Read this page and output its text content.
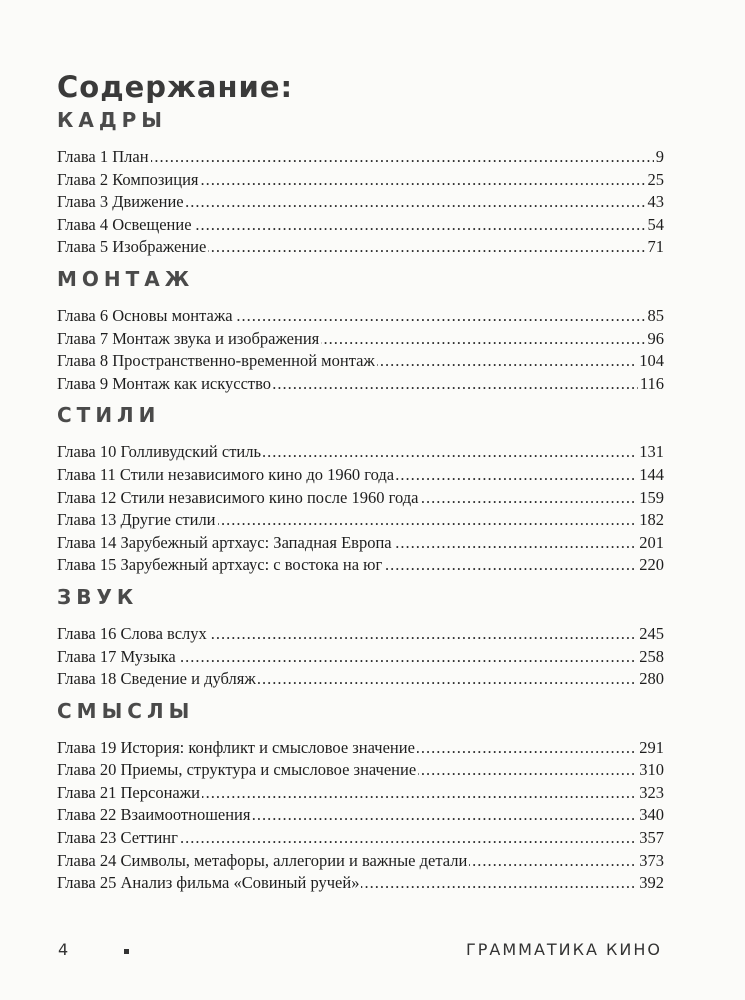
Содержание:
КАДРЫ
.....
Глава 1 План	9
.....
Глава 2 Композиция	25
.....
Глава 3 Движение	43
.....
Глава 4 Освещение	54
.....
Глава 5 Изображение	71
МОНТАЖ
.....
Глава 6 Основы монтажа	85
.....
Глава 7 Монтаж звука и изображения	96
.....
Глава 8 Пространственно-временной монтаж	104
.....
Глава 9 Монтаж как искусство	116
СТИЛИ
.....
Глава 10 Голливудский стиль	131
.....
Глава 11 Стили независимого кино до 1960 года	144
.....
Глава 12 Стили независимого кино после 1960 года	159
.....
Глава 13 Другие стили	182
.....
Глава 14 Зарубежный артхаус: Западная Европа	201
.....
Глава 15 Зарубежный артхаус: с востока на юг	220
ЗВУК
.....
Глава 16 Слова вслух	245
.....
Глава 17 Музыка	258
.....
Глава 18 Сведение и дубляж	280
СМЫСЛЫ
.....
Глава 19 История: конфликт и смысловое значение	291
.....
Глава 20 Приемы, структура и смысловое значение	310
.....
Глава 21 Персонажи	323
.....
Глава 22 Взаимоотношения	340
.....
Глава 23 Сеттинг	357
.....
Глава 24 Символы, метафоры, аллегории и важные детали	373
.....
Глава 25 Анализ фильма «Совиный ручей»	392
4	ГРАММАТИКА КИНО
